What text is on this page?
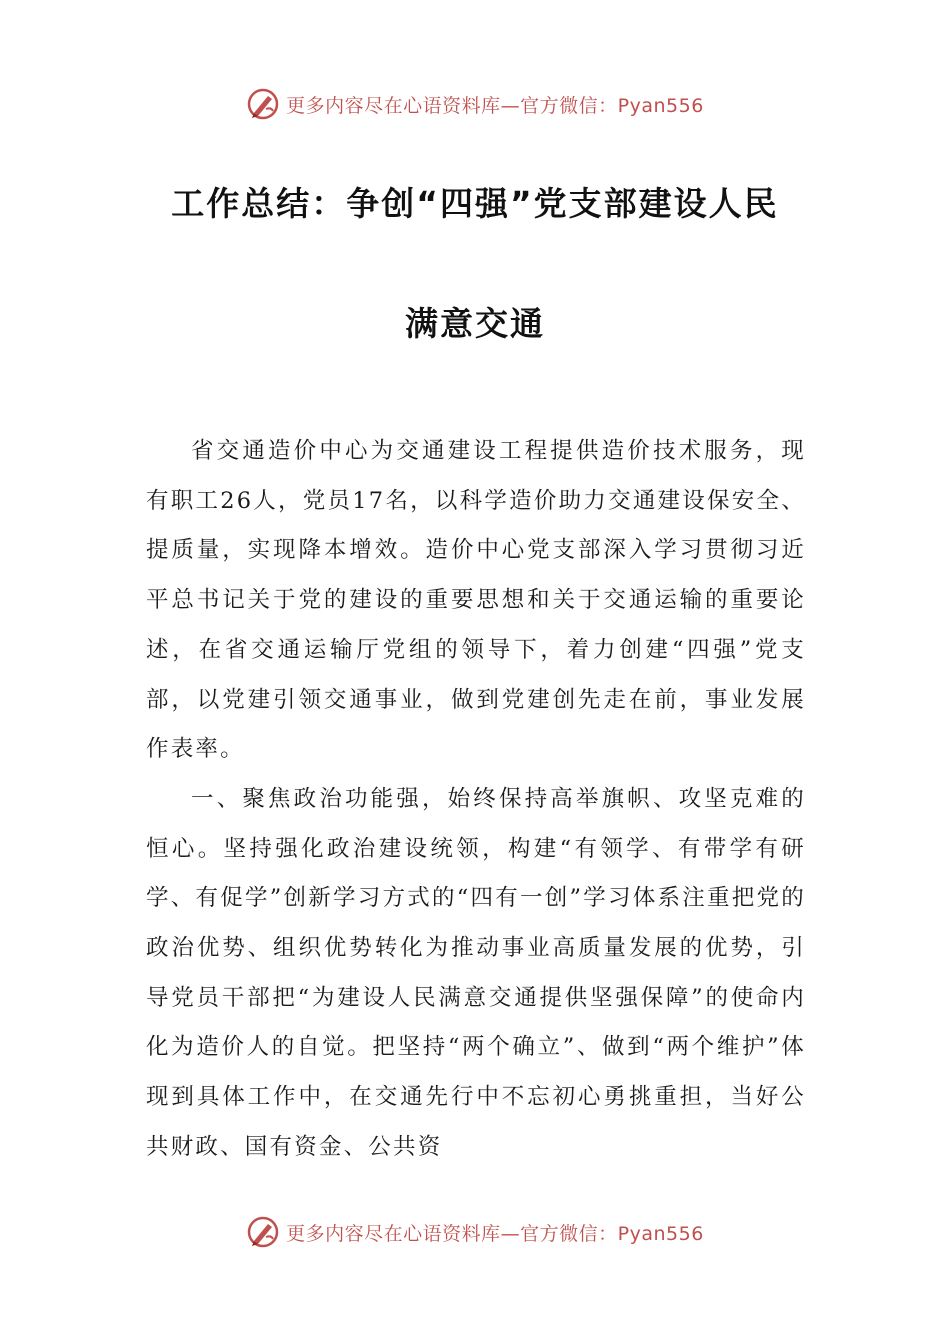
更多内容尽在心语资料库—官方微信：Pyan556
工作总结：争创“四强”党支部建设人民
满意交通

省交通造价中心为交通建设工程提供造价技术服务，现有职工26人，党员17名，以科学造价助力交通建设保安全、提质量，实现降本增效。造价中心党支部深入学习贯彻习近平总书记关于党的建设的重要思想和关于交通运输的重要论述，在省交通运输厅党组的领导下，着力创建“四强”党支部，以党建引领交通事业，做到党建创先走在前，事业发展作表率。

一、聚焦政治功能强，始终保持高举旗帜、攻坚克难的恒心。坚持强化政治建设统领，构建“有领学、有带学有研学、有促学”创新学习方式的“四有一创”学习体系注重把党的政治优势、组织优势转化为推动事业高质量发展的优势，引导党员干部把“为建设人民满意交通提供坚强保障”的使命内化为造价人的自觉。把坚持“两个确立”、做到“两个维护”体现到具体工作中，在交通先行中不忘初心勇挑重担，当好公共财政、国有资金、公共资

更多内容尽在心语资料库—官方微信：Pyan556
